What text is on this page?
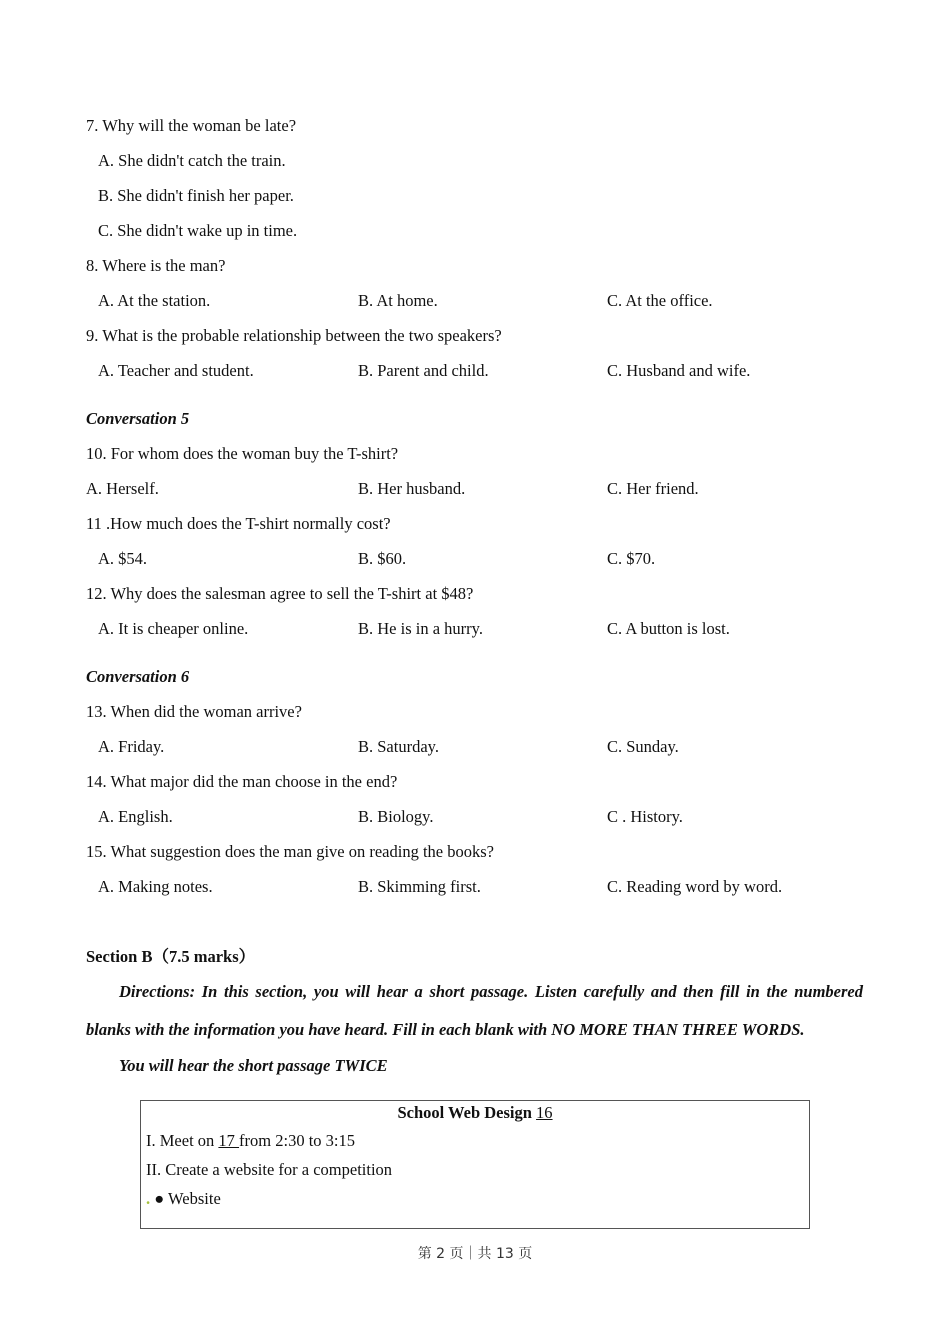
7. Why will the woman be late?
A. She didn't catch the train.
B. She didn't finish her paper.
C. She didn't wake up in time.
8. Where is the man?
A. At the station.	B. At home.	C. At the office.
9. What is the probable relationship between the two speakers?
A. Teacher and student.	B. Parent and child.	C. Husband and wife.
Conversation 5
10. For whom does the woman buy the T-shirt?
A. Herself.	B. Her husband.	C. Her friend.
11 .How much does the T-shirt normally cost?
A. $54.	B. $60.	C. $70.
12. Why does the salesman agree to sell the T-shirt at $48?
A. It is cheaper online.	B. He is in a hurry.	C. A button is lost.
Conversation 6
13. When did the woman arrive?
A. Friday.	B. Saturday.	C. Sunday.
14. What major did the man choose in the end?
A. English.	B. Biology.	C . History.
15. What suggestion does the man give on reading the books?
A. Making notes.	B. Skimming first.	C. Reading word by word.
Section B（7.5 marks）
Directions: In this section, you will hear a short passage. Listen carefully and then fill in the numbered blanks with the information you have heard. Fill in each blank with NO MORE THAN THREE WORDS.
You will hear the short passage TWICE
School Web Design 16
I. Meet on 17 from 2:30 to 3:15
II. Create a website for a competition
. ● Website
第 2 页｜共 13 页
